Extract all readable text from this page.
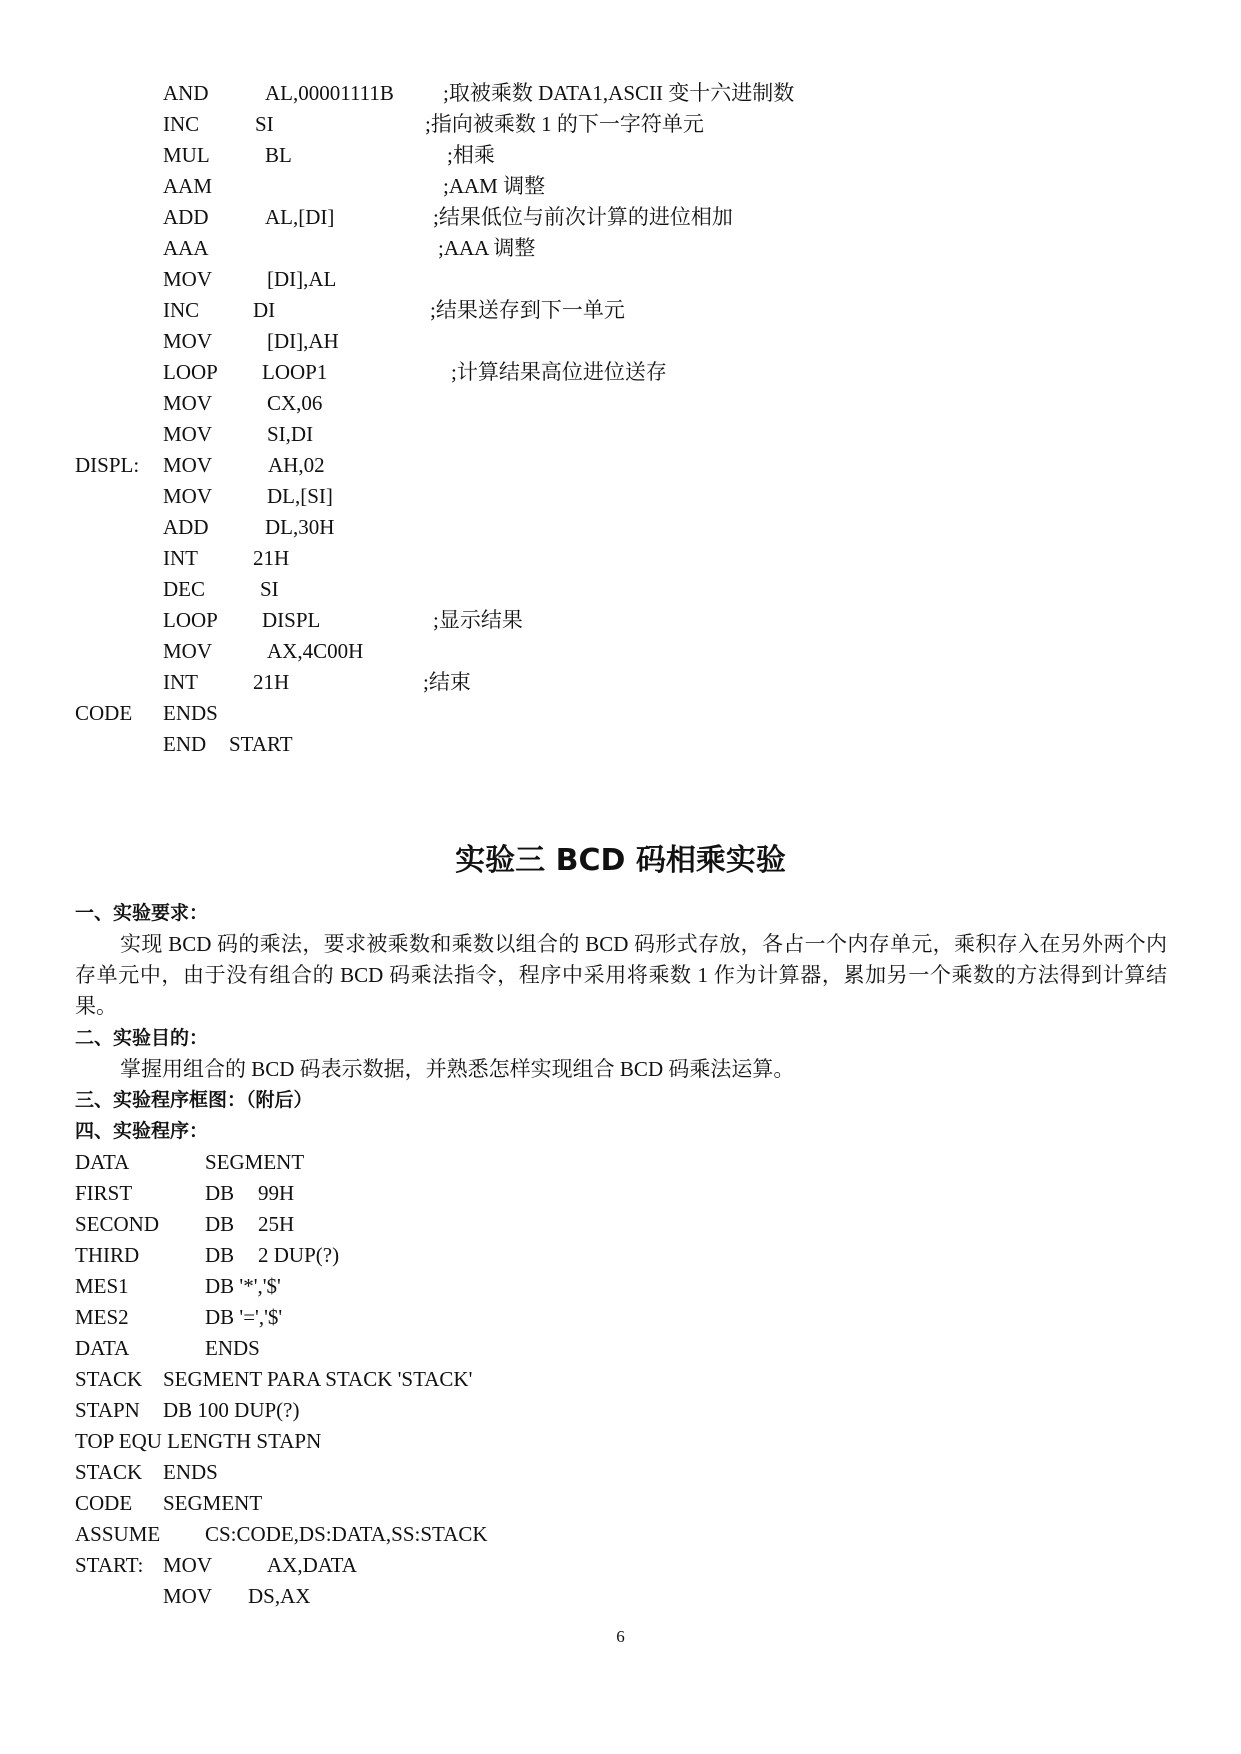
AND	AL,00001111B ;取被乘数 DATA1,ASCII 变十六进制数
INC	SI	;指向被乘数 1 的下一字符单元
MUL	BL	;相乘
AAM	;AAM 调整
ADD	AL,[DI]	;结果低位与前次计算的进位相加
AAA	;AAA 调整
MOV	[DI],AL
INC	DI	;结果送存到下一单元
MOV	[DI],AH
LOOP LOOP1	;计算结果高位进位送存
MOV	CX,06
MOV	SI,DI
DISPL: MOV	AH,02
MOV	DL,[SI]
ADD	DL,30H
INT	21H
DEC	SI
LOOP DISPL	;显示结果
MOV	AX,4C00H
INT	21H	;结束
CODE ENDS
END START
实验三 BCD 码相乘实验
一、实验要求：
实现 BCD 码的乘法，要求被乘数和乘数以组合的 BCD 码形式存放，各占一个内存单元，乘积存入在另外两个内存单元中，由于没有组合的 BCD 码乘法指令，程序中采用将乘数 1 作为计算器，累加另一个乘数的方法得到计算结果。
二、实验目的：
掌握用组合的 BCD 码表示数据，并熟悉怎样实现组合 BCD 码乘法运算。
三、实验程序框图：（附后）
四、实验程序：
DATA	SEGMENT
FIRST	DB 99H
SECOND DB 25H
THIRD	DB 2 DUP(?)
MES1	DB '*','$'
MES2	DB '=','$'
DATA	ENDS
STACK SEGMENT PARA STACK 'STACK'
STAPN DB 100 DUP(?)
TOP EQU LENGTH STAPN
STACK ENDS
CODE SEGMENT
ASSUME CS:CODE,DS:DATA,SS:STACK
START: MOV	AX,DATA
MOV DS,AX
6
